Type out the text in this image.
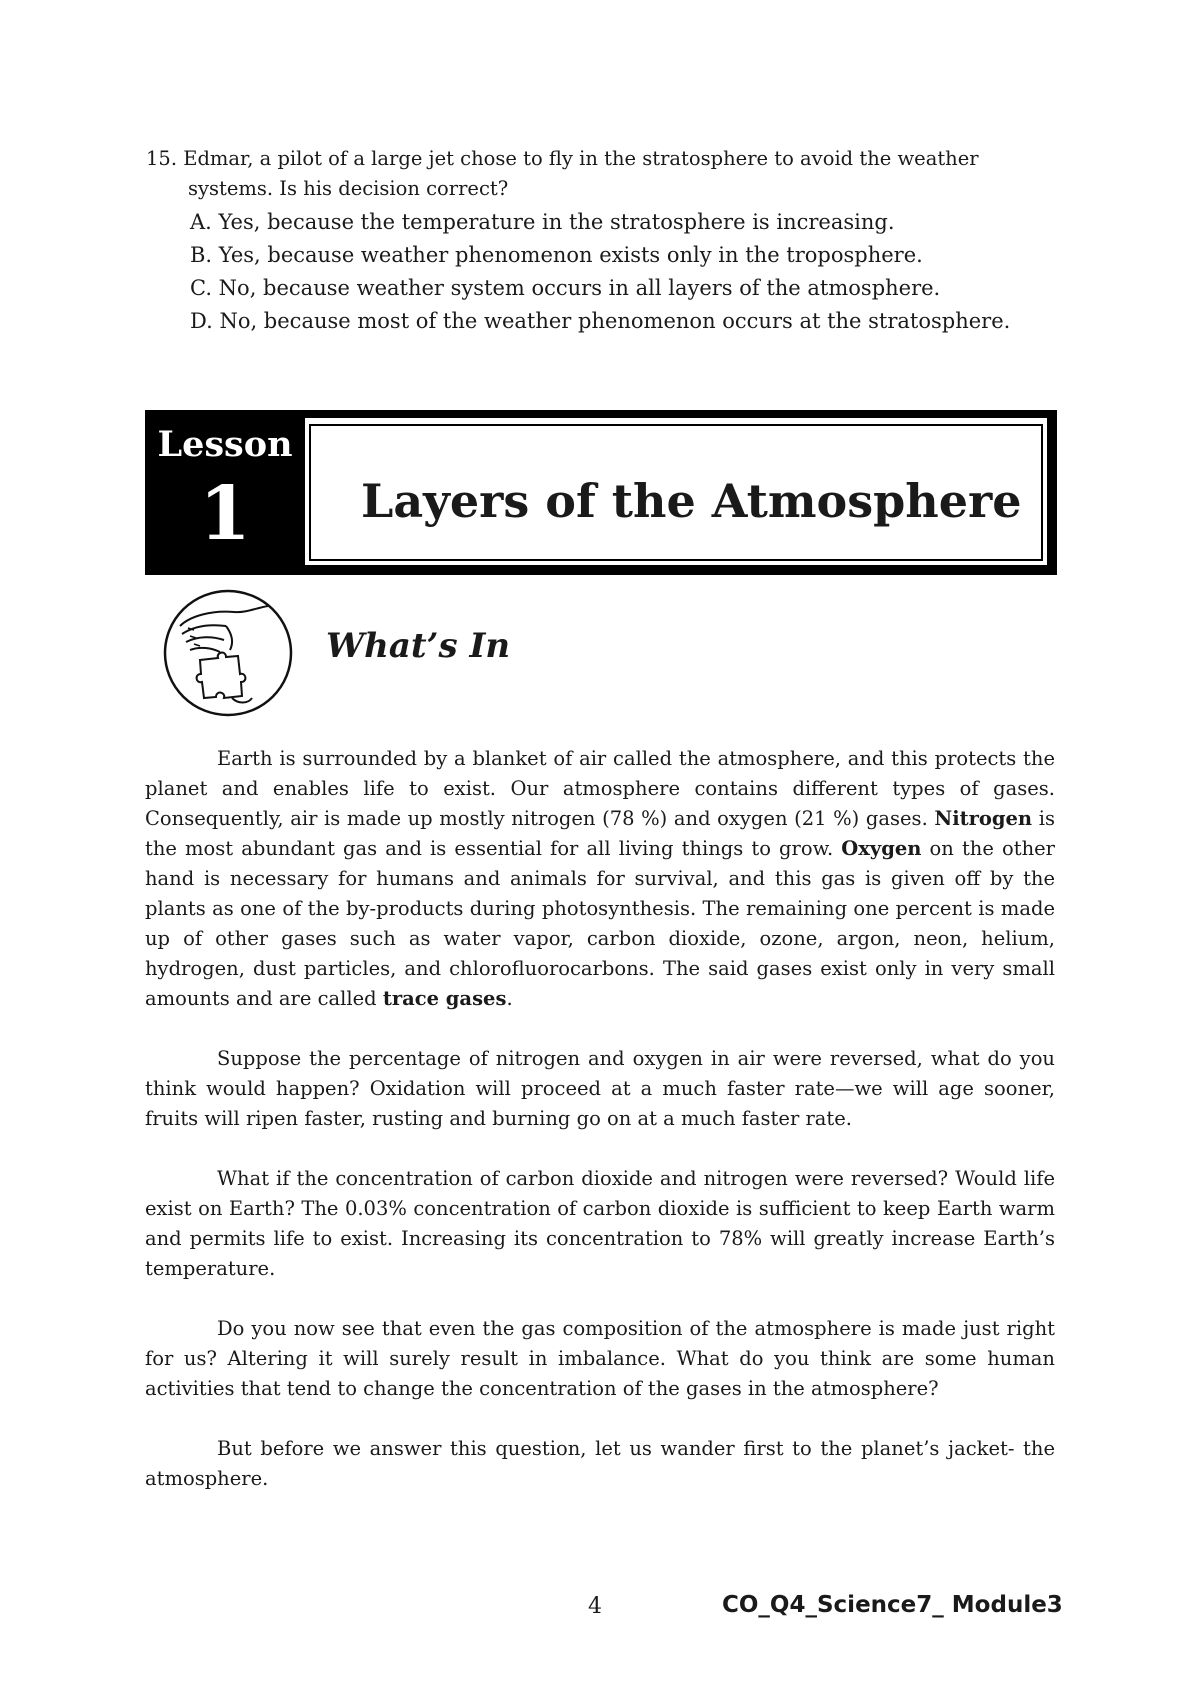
15. Edmar, a pilot of a large jet chose to fly in the stratosphere to avoid the weather systems. Is his decision correct?

A. Yes, because the temperature in the stratosphere is increasing.

B. Yes, because weather phenomenon exists only in the troposphere.

C. No, because weather system occurs in all layers of the atmosphere.

D. No, because most of the weather phenomenon occurs at the stratosphere.

Lesson
1	Layers of the Atmosphere
What’s In

Earth is surrounded by a blanket of air called the atmosphere, and this protects the planet and enables life to exist. Our atmosphere contains different types of gases. Consequently, air is made up mostly nitrogen (78 %) and oxygen (21 %) gases. Nitrogen is the most abundant gas and is essential for all living things to grow. Oxygen on the other hand is necessary for humans and animals for survival, and this gas is given off by the plants as one of the by-products during photosynthesis. The remaining one percent is made up of other gases such as water vapor, carbon dioxide, ozone, argon, neon, helium, hydrogen, dust particles, and chlorofluorocarbons. The said gases exist only in very small amounts and are called trace gases.

Suppose the percentage of nitrogen and oxygen in air were reversed, what do you think would happen? Oxidation will proceed at a much faster rate—we will age sooner, fruits will ripen faster, rusting and burning go on at a much faster rate.

What if the concentration of carbon dioxide and nitrogen were reversed? Would life exist on Earth? The 0.03% concentration of carbon dioxide is sufficient to keep Earth warm and permits life to exist. Increasing its concentration to 78% will greatly increase Earth’s temperature.

Do you now see that even the gas composition of the atmosphere is made just right for us? Altering it will surely result in imbalance. What do you think are some human activities that tend to change the concentration of the gases in the atmosphere?

But before we answer this question, let us wander first to the planet’s jacket- the atmosphere.

4	CO_Q4_Science7_ Module3
